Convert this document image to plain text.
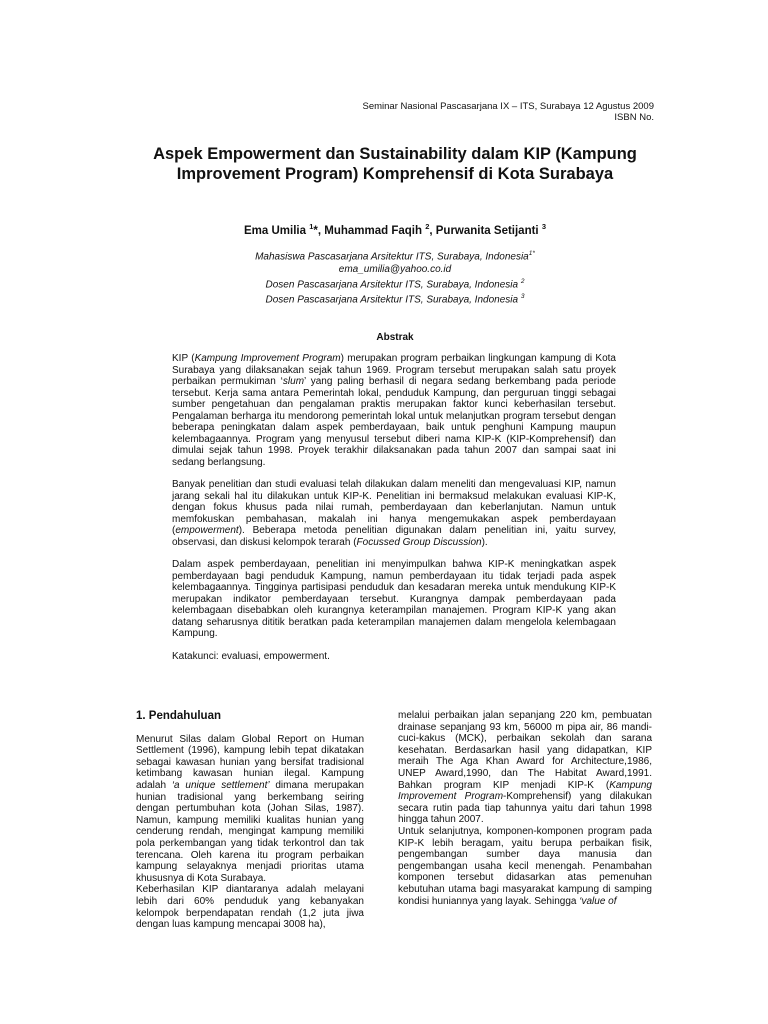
Seminar Nasional Pascasarjana IX – ITS, Surabaya 12 Agustus 2009
ISBN No.
Aspek Empowerment dan Sustainability dalam KIP (Kampung
Improvement Program) Komprehensif di Kota Surabaya
Ema Umilia $^1$*, Muhammad Faqih $^2$, Purwanita Setijanti $^3$
Mahasiswa Pascasarjana Arsitektur ITS, Surabaya, Indonesia$^{1*}$
ema_umilia@yahoo.co.id
Dosen Pascasarjana Arsitektur ITS, Surabaya, Indonesia $^2$
Dosen Pascasarjana Arsitektur ITS, Surabaya, Indonesia $^3$
Abstrak

KIP (Kampung Improvement Program) merupakan program perbaikan lingkungan kampung di Kota Surabaya yang dilaksanakan sejak tahun 1969. Program tersebut merupakan salah satu proyek perbaikan permukiman ‘slum’ yang paling berhasil di negara sedang berkembang pada periode tersebut. Kerja sama antara Pemerintah lokal, penduduk Kampung, dan perguruan tinggi sebagai sumber pengetahuan dan pengalaman praktis merupakan faktor kunci keberhasilan tersebut. Pengalaman berharga itu mendorong pemerintah lokal untuk melanjutkan program tersebut dengan beberapa peningkatan dalam aspek pemberdayaan, baik untuk penghuni Kampung maupun kelembagaannya. Program yang menyusul tersebut diberi nama KIP-K (KIP-Komprehensif) dan dimulai sejak tahun 1998. Proyek terakhir dilaksanakan pada tahun 2007 dan sampai saat ini sedang berlangsung.

Banyak penelitian dan studi evaluasi telah dilakukan dalam meneliti dan mengevaluasi KIP, namun jarang sekali hal itu dilakukan untuk KIP-K. Penelitian ini bermaksud melakukan evaluasi KIP-K, dengan fokus khusus pada nilai rumah, pemberdayaan dan keberlanjutan. Namun untuk memfokuskan pembahasan, makalah ini hanya mengemukakan aspek pemberdayaan (empowerment). Beberapa metoda penelitian digunakan dalam penelitian ini, yaitu survey, observasi, dan diskusi kelompok terarah (Focussed Group Discussion).

Dalam aspek pemberdayaan, penelitian ini menyimpulkan bahwa KIP-K meningkatkan aspek pemberdayaan bagi penduduk Kampung, namun pemberdayaan itu tidak terjadi pada aspek kelembagaannya. Tingginya partisipasi penduduk dan kesadaran mereka untuk mendukung KIP-K merupakan indikator pemberdayaan tersebut. Kurangnya dampak pemberdayaan pada kelembagaan disebabkan oleh kurangnya keterampilan manajemen. Program KIP-K yang akan datang seharusnya dititik beratkan pada keterampilan manajemen dalam mengelola kelembagaan Kampung.

Katakunci: evaluasi, empowerment.

1. Pendahuluan

Menurut Silas dalam Global Report on Human Settlement (1996), kampung lebih tepat dikatakan sebagai kawasan hunian yang bersifat tradisional ketimbang kawasan hunian ilegal. Kampung adalah ‘a unique settlement’ dimana merupakan hunian tradisional yang berkembang seiring dengan pertumbuhan kota (Johan Silas, 1987). Namun, kampung memiliki kualitas hunian yang cenderung rendah, mengingat kampung memiliki pola perkembangan yang tidak terkontrol dan tak terencana. Oleh karena itu program perbaikan kampung selayaknya menjadi prioritas utama khususnya di Kota Surabaya.

Keberhasilan KIP diantaranya adalah melayani lebih dari 60% penduduk yang kebanyakan kelompok berpendapatan rendah (1,2 juta jiwa dengan luas kampung mencapai 3008 ha),

melalui perbaikan jalan sepanjang 220 km, pembuatan drainase sepanjang 93 km, 56000 m pipa air, 86 mandi-cuci-kakus (MCK), perbaikan sekolah dan sarana kesehatan. Berdasarkan hasil yang didapatkan, KIP meraih The Aga Khan Award for Architecture,1986, UNEP Award,1990, dan The Habitat Award,1991. Bahkan program KIP menjadi KIP-K (Kampung Improvement Program-Komprehensif) yang dilakukan secara rutin pada tiap tahunnya yaitu dari tahun 1998 hingga tahun 2007.

Untuk selanjutnya, komponen-komponen program pada KIP-K lebih beragam, yaitu berupa perbaikan fisik, pengembangan sumber daya manusia dan pengembangan usaha kecil menengah. Penambahan komponen tersebut didasarkan atas pemenuhan kebutuhan utama bagi masyarakat kampung di samping kondisi huniannya yang layak. Sehingga ‘value of
